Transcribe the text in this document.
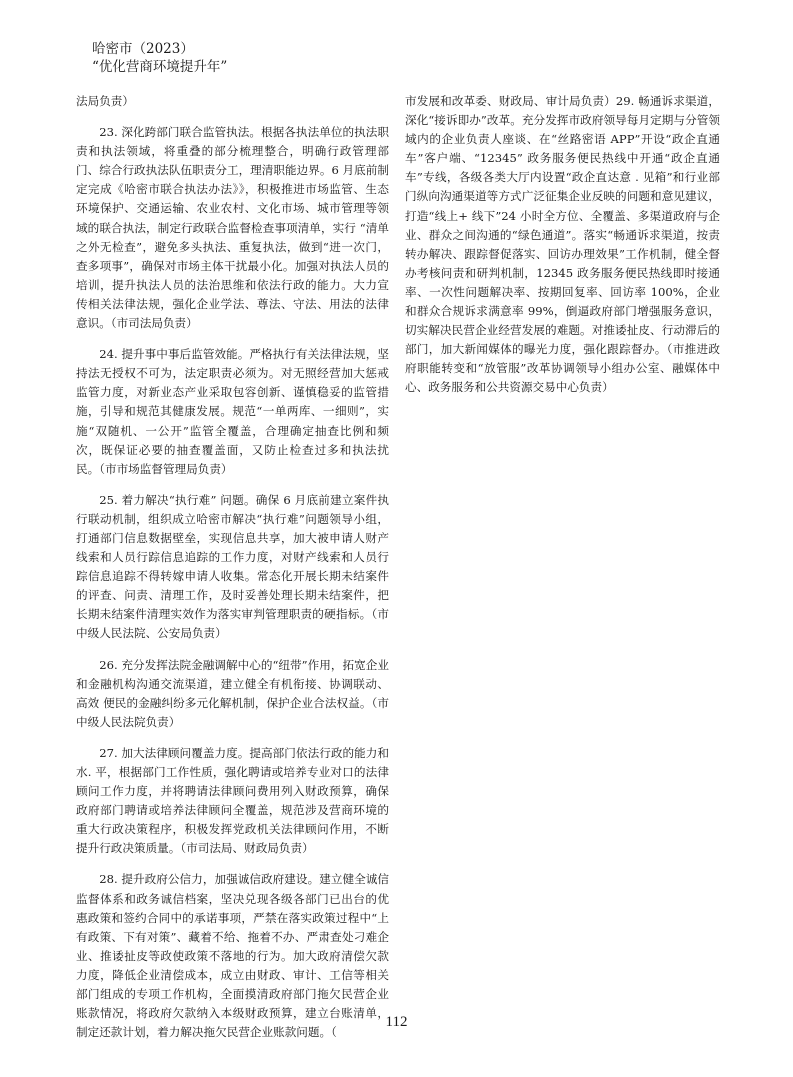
哈密市（2023）
“优化营商环境提升年”

法局负责）

23. 深化跨部门联合监管执法。根据各执法单位的执法职责和执法领域，将重叠的部分梳理整合，明确行政管理部门、综合行政执法队伍职责分工，理清职能边界。6 月底前制定完成《哈密市联合执法办法》》，积极推进市场监管、生态环境保护、交通运输、农业农村、文化市场、城市管理等领域的联合执法，制定行政联合监督检查事项清单，实行 “清单之外无检查”，避免多头执法、重复执法，做到“进一次门，查多项事”，确保对市场主体干扰最小化。加强对执法人员的培训，提升执法人员的法治思维和依法行政的能力。大力宣传相关法律法规，强化企业学法、尊法、守法、用法的法律意识。（市司法局负责）

24. 提升事中事后监管效能。严格执行有关法律法规，坚持法无授权不可为，法定职责必须为。对无照经营加大惩戒监管力度，对新业态产业采取包容创新、谨慎稳妥的监管措施，引导和规范其健康发展。规范“一单两库、一细则”，实施“双随机、一公开”监管全覆盖，合理确定抽查比例和频次，既保证必要的抽查覆盖面，又防止检查过多和执法扰民。（市市场监督管理局负责）

25. 着力解决“执行难” 问题。确保 6 月底前建立案件执行联动机制，组织成立哈密市解决“执行难”问题领导小组，打通部门信息数据壁垒，实现信息共享，加大被申请人财产线索和人员行踪信息追踪的工作力度，对财产线索和人员行踪信息追踪不得转嫁申请人收集。常态化开展长期未结案件的评查、问责、清理工作，及时妥善处理长期未结案件，把长期未结案件清理实效作为落实审判管理职责的硬指标。（市中级人民法院、公安局负责）

26. 充分发挥法院金融调解中心的“纽带”作用，拓宽企业和金融机构沟通交流渠道，建立健全有机衔接、协调联动、高效 便民的金融纠纷多元化解机制，保护企业合法权益。（市中级人民法院负责）

27. 加大法律顾问覆盖力度。提高部门依法行政的能力和水. 平，根据部门工作性质，强化聘请或培养专业对口的法律顾问工作力度，并将聘请法律顾问费用列入财政预算，确保政府部门聘请或培养法律顾问全覆盖，规范涉及营商环境的重大行政决策程序，积极发挥党政机关法律顾问作用，不断提升行政决策质量。（市司法局、财政局负责）

28. 提升政府公信力，加强诚信政府建设。建立健全诚信监督体系和政务诚信档案，坚决兑现各级各部门已出台的优惠政策和签约合同中的承诺事项，严禁在落实政策过程中“上有政策、下有对策”、藏着不给、拖着不办、严肃查处刁难企业、推诿扯皮等政使政策不落地的行为。加大政府清偿欠款力度，降低企业清偿成本，成立由财政、审计、工信等相关部门组成的专项工作机构，全面摸清政府部门拖欠民营企业账款情况，将政府欠款纳入本级财政预算，建立台账清单，制定还款计划，着力解决拖欠民营企业账款问题。（

市发展和改革委、财政局、审计局负责）29. 畅通诉求渠道，深化“接诉即办”改革。充分发挥市政府领导每月定期与分管领域内的企业负责人座谈、在“丝路密语 APP”开设“政企直通车”客户端、“12345” 政务服务便民热线中开通“政企直通车”专线，各级各类大厅内设置“政企直达意 . 见箱”和行业部门纵向沟通渠道等方式广泛征集企业反映的问题和意见建议，打造“线上+ 线下”24 小时全方位、全覆盖、多渠道政府与企业、群众之间沟通的“绿色通道”。落实“畅通诉求渠道，按责转办解决、跟踪督促落实、回访办理效果”工作机制，健全督办考核问责和研判机制，12345 政务服务便民热线即时接通率、一次性问题解决率、按期回复率、回访率 100%，企业和群众合规诉求满意率 99%，倒逼政府部门增强服务意识，切实解决民营企业经营发展的难题。对推诿扯皮、行动滞后的部门，加大新闻媒体的曝光力度，强化跟踪督办。（市推进政府职能转变和“放管服”改革协调领导小组办公室、融媒体中心、政务服务和公共资源交易中心负责）

112
